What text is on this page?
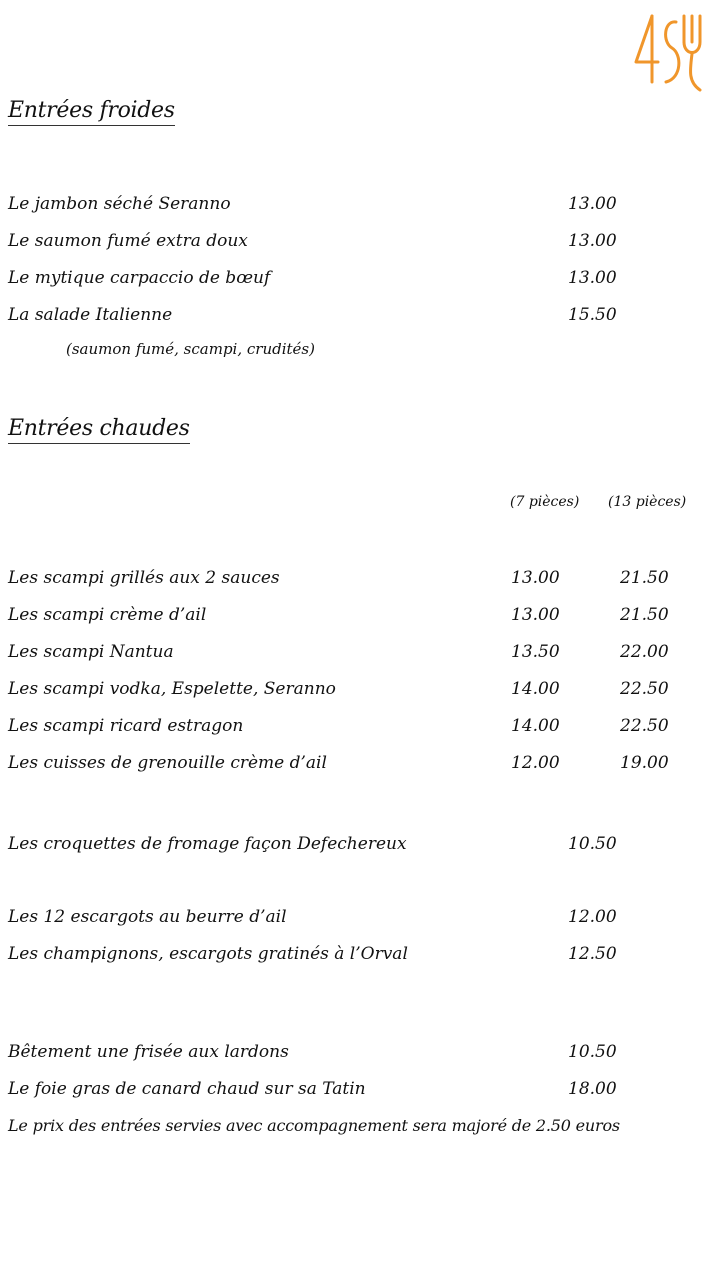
Entrées froides
Le jambon séché Seranno	13.00
Le saumon fumé extra doux	13.00
Le mytique carpaccio de bœuf	13.00
La salade Italienne	15.50
(saumon fumé, scampi, crudités)
Entrées chaudes
(7 pièces) (13 pièces)
Les scampi grillés aux 2 sauces	13.00	21.50
Les scampi crème d’ail	13.00	21.50
Les scampi Nantua	13.50	22.00
Les scampi vodka, Espelette, Seranno	14.00	22.50
Les scampi ricard estragon	14.00	22.50
Les cuisses de grenouille crème d’ail	12.00	19.00
Les croquettes de fromage façon Defechereux	10.50
Les 12 escargots au beurre d’ail	12.00
Les champignons, escargots gratinés à l’Orval	12.50
Bêtement une frisée aux lardons	10.50
Le foie gras de canard chaud sur sa Tatin	18.00
Le prix des entrées servies avec accompagnement sera majoré de 2.50 euros
